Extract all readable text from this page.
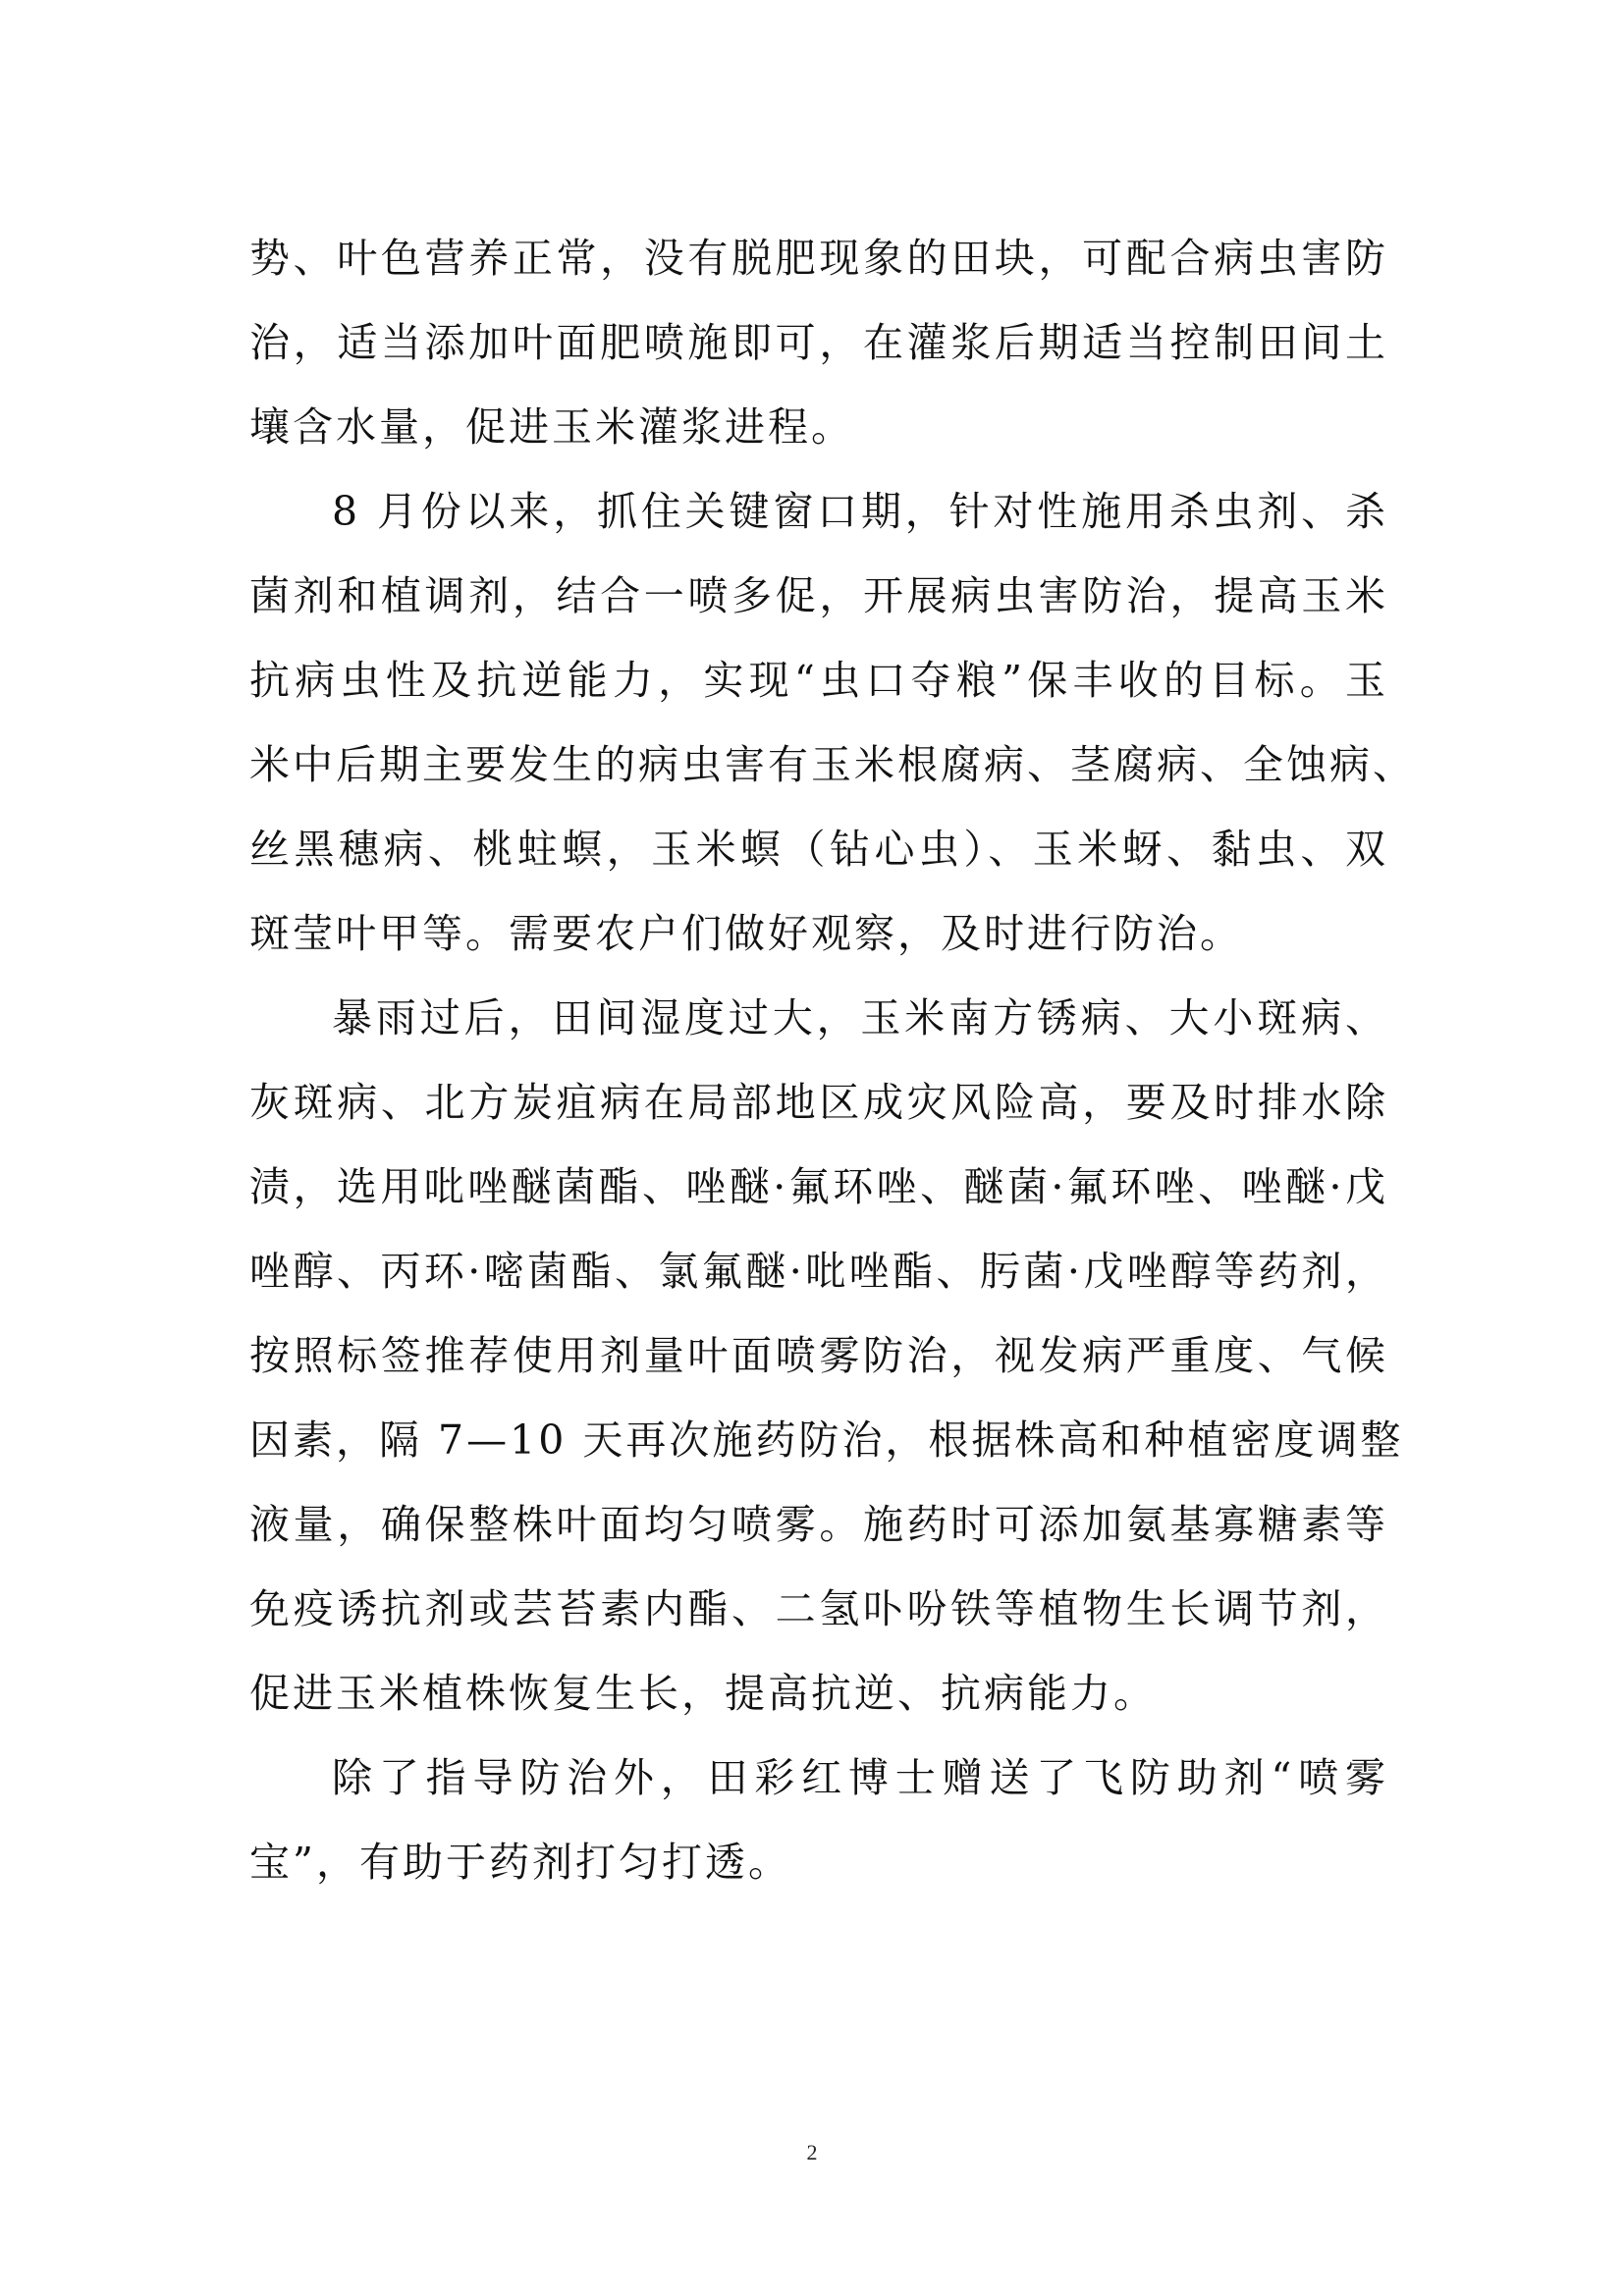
势、叶色营养正常，没有脱肥现象的田块，可配合病虫害防
治，适当添加叶面肥喷施即可，在灌浆后期适当控制田间土
壤含水量，促进玉米灌浆进程。

8 月份以来，抓住关键窗口期，针对性施用杀虫剂、杀
菌剂和植调剂，结合一喷多促，开展病虫害防治，提高玉米
抗病虫性及抗逆能力，实现“虫口夺粮”保丰收的目标。玉
米中后期主要发生的病虫害有玉米根腐病、茎腐病、全蚀病、
丝黑穗病、桃蛀螟，玉米螟（钻心虫）、玉米蚜、黏虫、双
斑莹叶甲等。需要农户们做好观察，及时进行防治。

暴雨过后，田间湿度过大，玉米南方锈病、大小斑病、
灰斑病、北方炭疽病在局部地区成灾风险高，要及时排水除
渍，选用吡唑醚菌酯、唑醚·氟环唑、醚菌·氟环唑、唑醚·戊
唑醇、丙环·嘧菌酯、氯氟醚·吡唑酯、肟菌·戊唑醇等药剂，
按照标签推荐使用剂量叶面喷雾防治，视发病严重度、气候
因素，隔 7—10 天再次施药防治，根据株高和种植密度调整
液量，确保整株叶面均匀喷雾。施药时可添加氨基寡糖素等
免疫诱抗剂或芸苔素内酯、二氢卟吩铁等植物生长调节剂，
促进玉米植株恢复生长，提高抗逆、抗病能力。

除了指导防治外，田彩红博士赠送了飞防助剂“喷雾
宝”，有助于药剂打匀打透。

2
